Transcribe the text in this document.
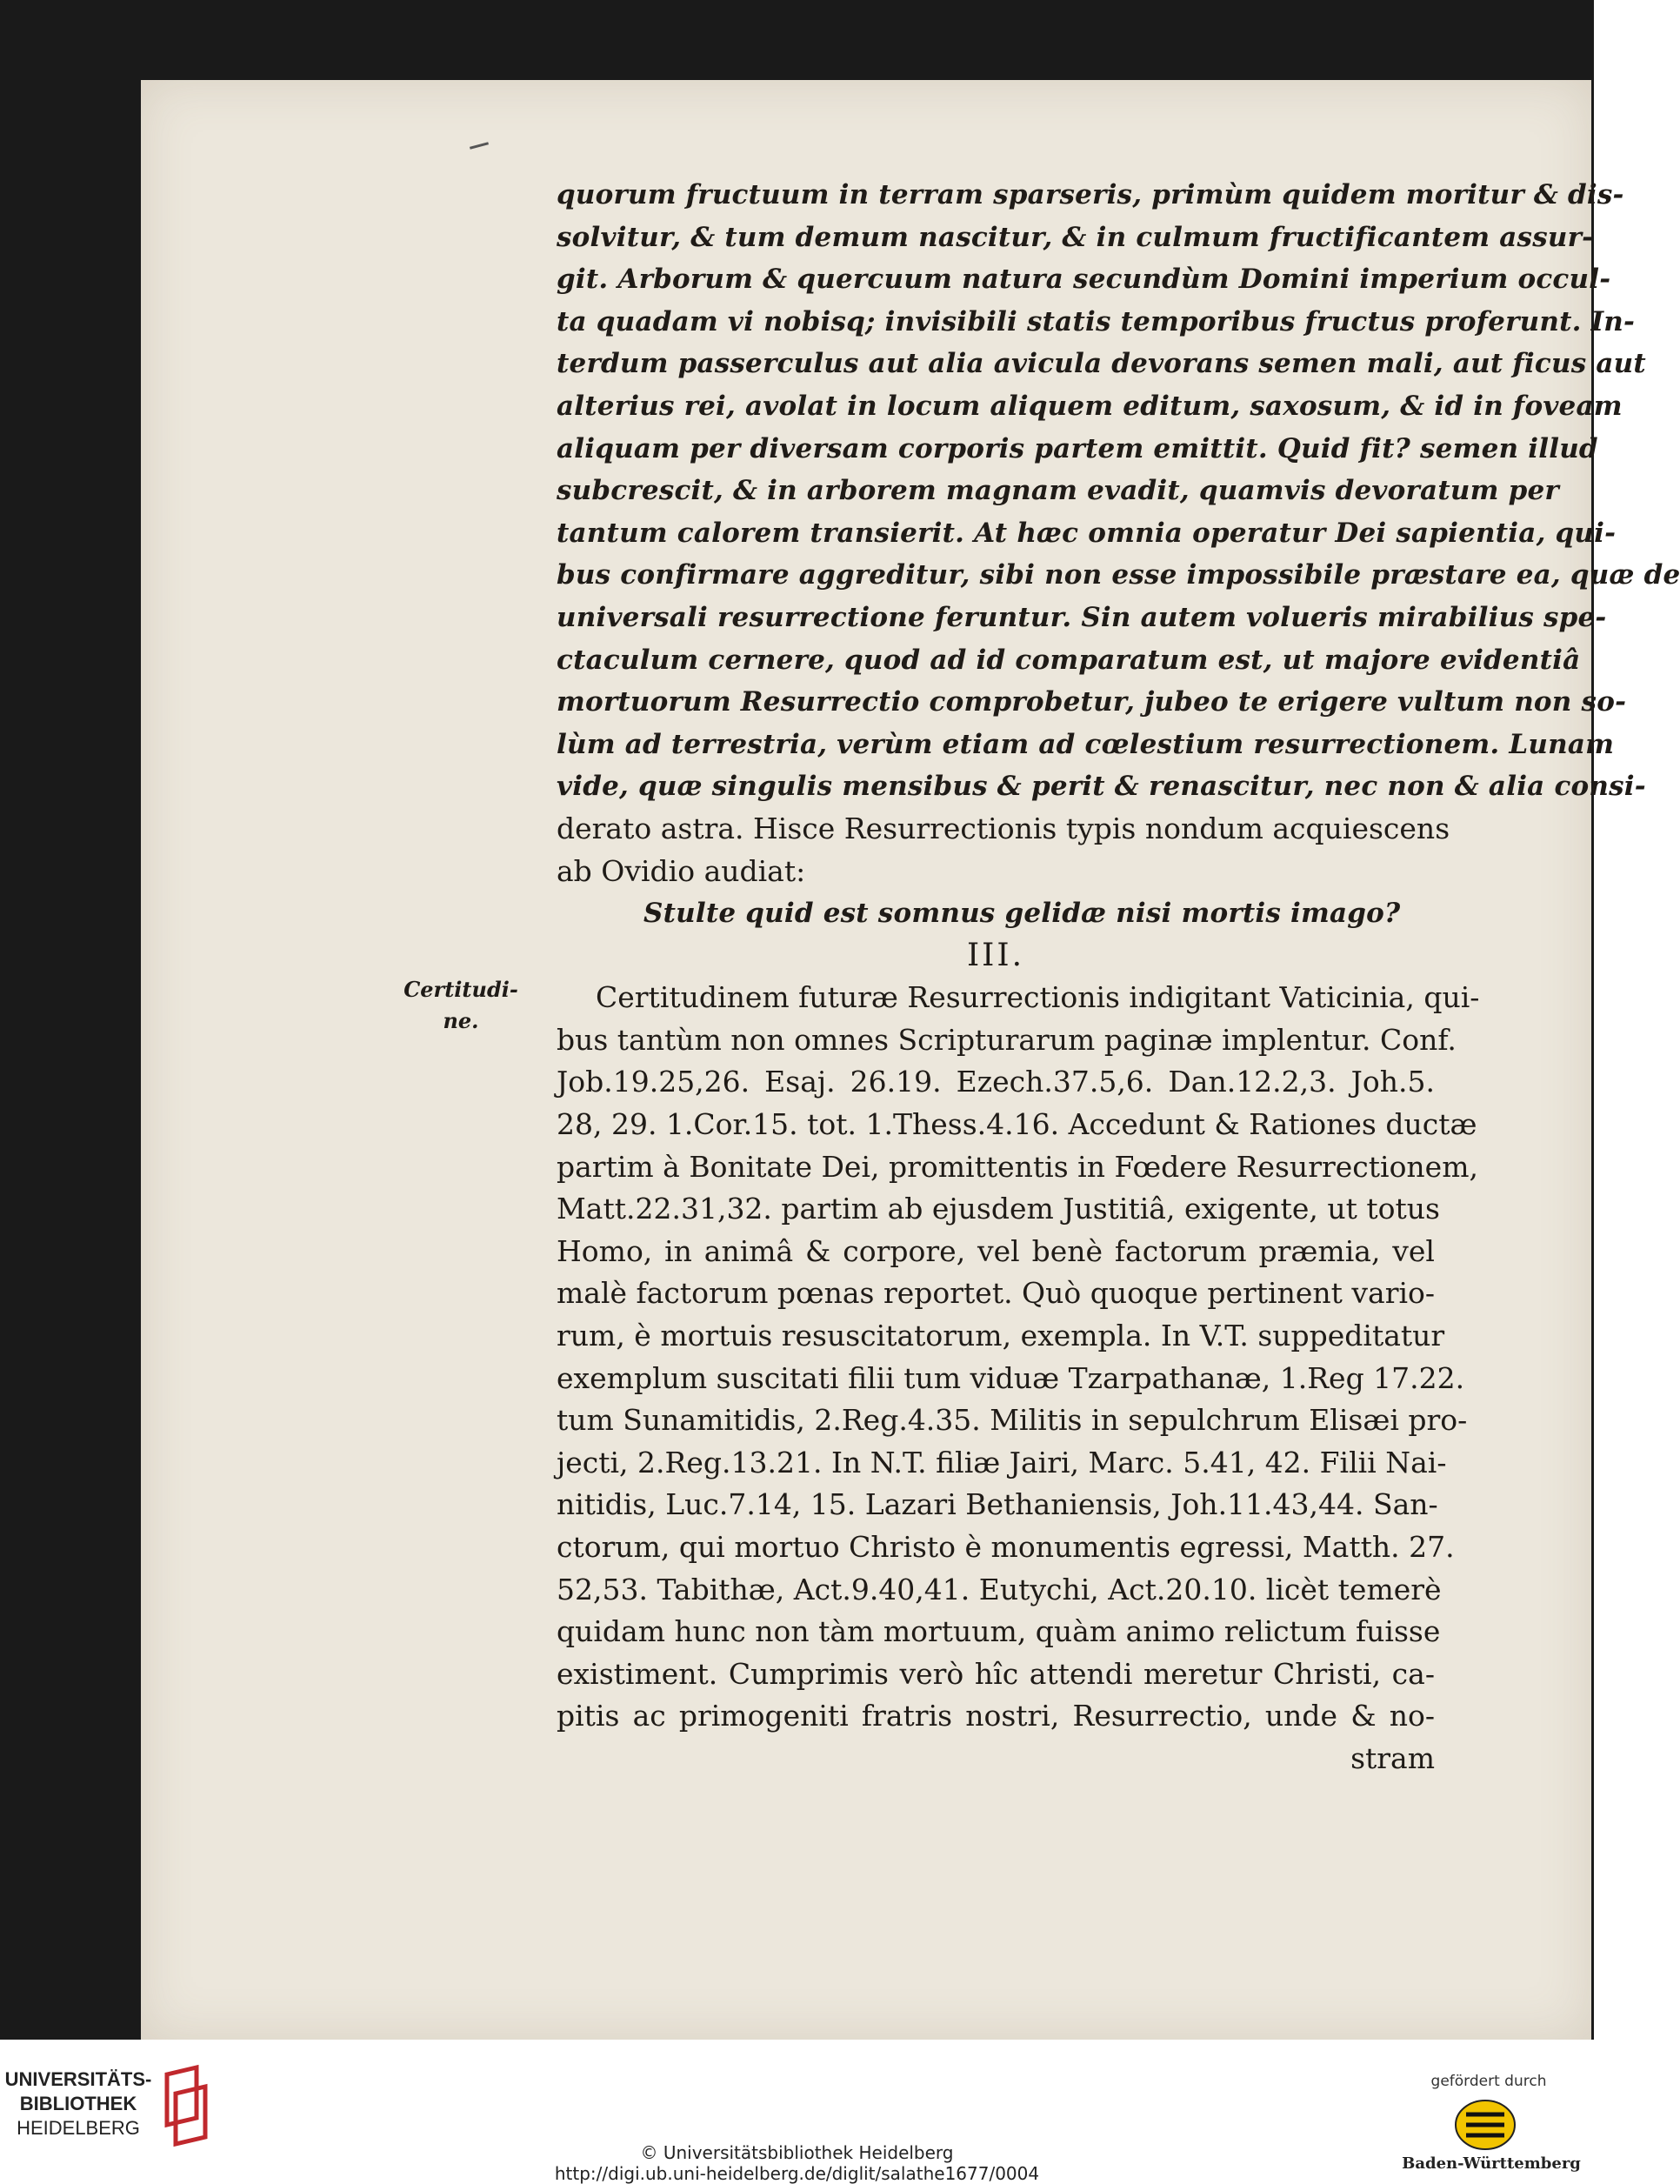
Certitudi-ne.
quorum fructuum in terram sparseris, primùm quidem moritur & dis-
solvitur, & tum demum nascitur, & in culmum fructificantem assur-
git. Arborum & quercuum natura secundùm Domini imperium occul-
ta quadam vi nobisq; invisibili statis temporibus fructus proferunt. In-
terdum passerculus aut alia avicula devorans semen mali, aut ficus aut
alterius rei, avolat in locum aliquem editum, saxosum, & id in foveam
aliquam per diversam corporis partem emittit. Quid fit? semen illud
subcrescit, & in arborem magnam evadit, quamvis devoratum per
tantum calorem transierit. At hæc omnia operatur Dei sapientia, qui-
bus confirmare aggreditur, sibi non esse impossibile præstare ea, quæ de
universali resurrectione feruntur. Sin autem volueris mirabilius spe-
ctaculum cernere, quod ad id comparatum est, ut majore evidentiâ
mortuorum Resurrectio comprobetur, jubeo te erigere vultum non so-
lùm ad terrestria, verùm etiam ad cœlestium resurrectionem. Lunam
vide, quæ singulis mensibus & perit & renascitur, nec non & alia consi-
derato astra. Hisce Resurrectionis typis nondum acquiescens
ab Ovidio audiat:
Stulte quid est somnus gelidæ nisi mortis imago?
III.
Certitudinem futuræ Resurrectionis indigitant Vaticinia, qui-
bus tantùm non omnes Scripturarum paginæ implentur. Conf.
Job.19.25,26. Esaj. 26.19. Ezech.37.5,6. Dan.12.2,3. Joh.5.
28, 29. 1.Cor.15. tot. 1.Thess.4.16. Accedunt & Rationes ductæ
partim à Bonitate Dei, promittentis in Fœdere Resurrectionem,
Matt.22.31,32. partim ab ejusdem Justitiâ, exigente, ut totus
Homo, in animâ & corpore, vel benè factorum præmia, vel
malè factorum pœnas reportet. Quò quoque pertinent vario-
rum, è mortuis resuscitatorum, exempla. In V.T. suppeditatur
exemplum suscitati filii tum viduæ Tzarpathanæ, 1.Reg 17.22.
tum Sunamitidis, 2.Reg.4.35. Militis in sepulchrum Elisæi pro-
jecti, 2.Reg.13.21. In N.T. filiæ Jairi, Marc. 5.41, 42. Filii Nai-
nitidis, Luc.7.14, 15. Lazari Bethaniensis, Joh.11.43,44. San-
ctorum, qui mortuo Christo è monumentis egressi, Matth. 27.
52,53. Tabithæ, Act.9.40,41. Eutychi, Act.20.10. licèt temerè
quidam hunc non tàm mortuum, quàm animo relictum fuisse
existiment. Cumprimis verò hîc attendi meretur Christi, ca-
pitis ac primogeniti fratris nostri, Resurrectio, unde & no-
stram
UNIVERSITÄTS-
BIBLIOTHEK
HEIDELBERG
© Universitätsbibliothek Heidelberg
http://digi.ub.uni-heidelberg.de/diglit/salathe1677/0004
gefördert durch
Baden-Württemberg
